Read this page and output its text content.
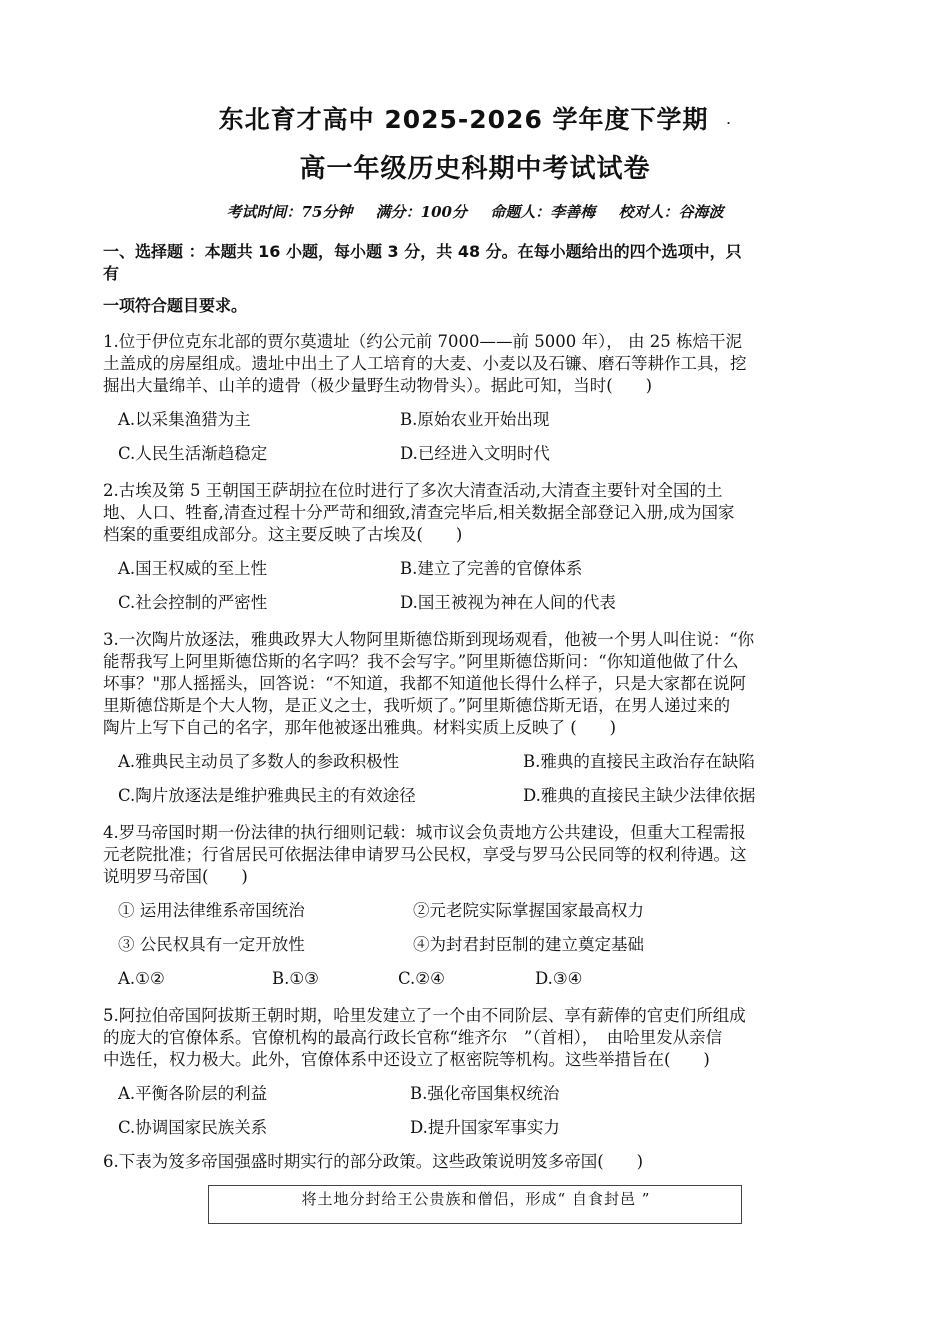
东北育才高中 2025-2026 学年度下学期 .
高一年级历史科期中考试试卷
考试时间：75分钟 满分：100分 命题人：李善梅 校对人：谷海波
一、选择题 ：本题共 16 小题，每小题 3 分，共 48 分。在每小题给出的四个选项中，只
有
一项符合题目要求。
1.位于伊位克东北部的贾尔莫遗址（约公元前 7000——前 5000 年）， 由 25 栋焙干泥
土盖成的房屋组成。遗址中出土了人工培育的大麦、小麦以及石镰、磨石等耕作工具，挖
掘出大量绵羊、山羊的遗骨（极少量野生动物骨头）。据此可知，当时(　　)
A.以采集渔猎为主	B.原始农业开始出现
C.人民生活渐趋稳定	D.已经进入文明时代
2.古埃及第 5 王朝国王萨胡拉在位时进行了多次大清查活动,大清查主要针对全国的土
地、人口、牲畜,清查过程十分严苛和细致,清查完毕后,相关数据全部登记入册,成为国家
档案的重要组成部分。这主要反映了古埃及(　　)
A.国王权威的至上性	B.建立了完善的官僚体系
C.社会控制的严密性	D.国王被视为神在人间的代表
3.一次陶片放逐法，雅典政界大人物阿里斯德岱斯到现场观看，他被一个男人叫住说：“你
能帮我写上阿里斯德岱斯的名字吗？我不会写字。”阿里斯德岱斯问：“你知道他做了什么
坏事？"那人摇摇头，回答说：“不知道，我都不知道他长得什么样子，只是大家都在说阿
里斯德岱斯是个大人物，是正义之士，我听烦了。”阿里斯德岱斯无语，在男人递过来的
陶片上写下自己的名字，那年他被逐出雅典。材料实质上反映了 (　　)
A.雅典民主动员了多数人的参政积极性	B.雅典的直接民主政治存在缺陷
C.陶片放逐法是维护雅典民主的有效途径	D.雅典的直接民主缺少法律依据
4.罗马帝国时期一份法律的执行细则记载：城市议会负责地方公共建设，但重大工程需报
元老院批准；行省居民可依据法律申请罗马公民权，享受与罗马公民同等的权利待遇。这
说明罗马帝国(　　)
① 运用法律维系帝国统治	②元老院实际掌握国家最高权力
③ 公民权具有一定开放性	④为封君封臣制的建立奠定基础
A.①②	B.①③	C.②④	D.③④
5.阿拉伯帝国阿拔斯王朝时期，哈里发建立了一个由不同阶层、享有薪俸的官吏们所组成
的庞大的官僚体系。官僚机构的最高行政长官称“维齐尔　”（首相），　由哈里发从亲信
中选任，权力极大。此外，官僚体系中还设立了枢密院等机构。这些举措旨在(　　)
A.平衡各阶层的利益	B.强化帝国集权统治
C.协调国家民族关系	D.提升国家军事实力
6.下表为笈多帝国强盛时期实行的部分政策。这些政策说明笈多帝国(　　)
将土地分封给王公贵族和僧侣，形成“ 自食封邑 ”
